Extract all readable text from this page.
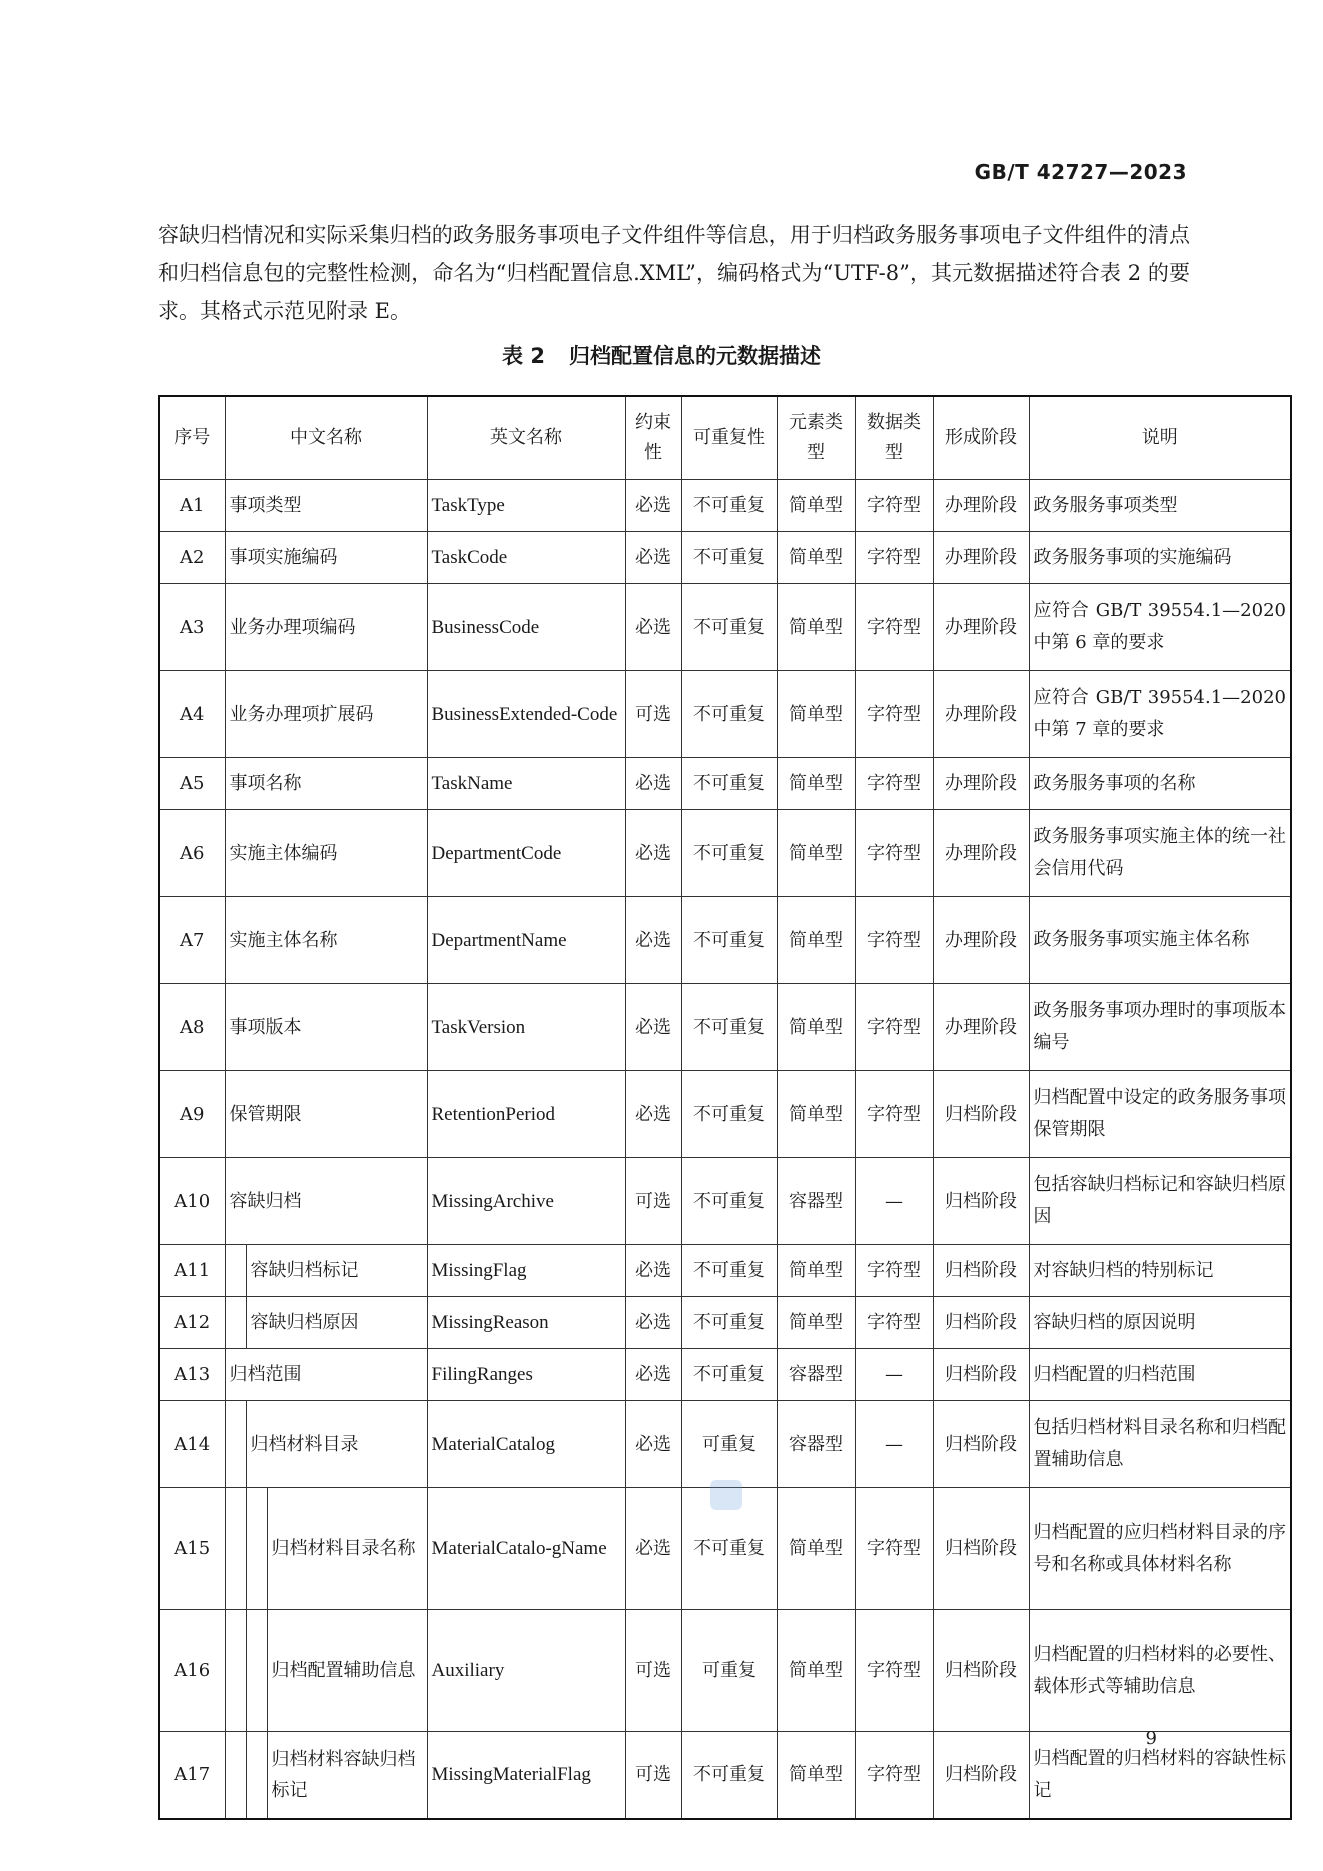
GB/T 42727—2023

容缺归档情况和实际采集归档的政务服务事项电子文件组件等信息，用于归档政务服务事项电子文件组件的清点和归档信息包的完整性检测，命名为“归档配置信息.XML”，编码格式为“UTF-8”，其元数据描述符合表 2 的要求。其格式示范见附录 E。

表 2 归档配置信息的元数据描述
序号	中文名称			英文名称	约束性	可重复性	元素类型	数据类型	形成阶段	说明
A1	事项类型			TaskType	必选	不可重复	简单型	字符型	办理阶段	政务服务事项类型
A2	事项实施编码			TaskCode	必选	不可重复	简单型	字符型	办理阶段	政务服务事项的实施编码
A3	业务办理项编码			BusinessCode	必选	不可重复	简单型	字符型	办理阶段	应符合 GB/T 39554.1—2020 中第 6 章的要求
A4	业务办理项扩展码			BusinessExtended-Code	可选	不可重复	简单型	字符型	办理阶段	应符合 GB/T 39554.1—2020 中第 7 章的要求
A5	事项名称			TaskName	必选	不可重复	简单型	字符型	办理阶段	政务服务事项的名称
A6	实施主体编码			DepartmentCode	必选	不可重复	简单型	字符型	办理阶段	政务服务事项实施主体的统一社会信用代码
A7	实施主体名称			DepartmentName	必选	不可重复	简单型	字符型	办理阶段	政务服务事项实施主体名称
A8	事项版本			TaskVersion	必选	不可重复	简单型	字符型	办理阶段	政务服务事项办理时的事项版本编号
A9	保管期限			RetentionPeriod	必选	不可重复	简单型	字符型	归档阶段	归档配置中设定的政务服务事项保管期限
A10	容缺归档			MissingArchive	可选	不可重复	容器型	—	归档阶段	包括容缺归档标记和容缺归档原因
A11		容缺归档标记		MissingFlag	必选	不可重复	简单型	字符型	归档阶段	对容缺归档的特别标记
A12		容缺归档原因		MissingReason	必选	不可重复	简单型	字符型	归档阶段	容缺归档的原因说明
A13	归档范围			FilingRanges	必选	不可重复	容器型	—	归档阶段	归档配置的归档范围
A14		归档材料目录		MaterialCatalog	必选	可重复	容器型	—	归档阶段	包括归档材料目录名称和归档配置辅助信息
A15			归档材料目录名称	MaterialCatalo-gName	必选	不可重复	简单型	字符型	归档阶段	归档配置的应归档材料目录的序号和名称或具体材料名称
A16			归档配置辅助信息	Auxiliary	可选	可重复	简单型	字符型	归档阶段	归档配置的归档材料的必要性、载体形式等辅助信息
A17			归档材料容缺归档标记	MissingMaterialFlag	可选	不可重复	简单型	字符型	归档阶段	归档配置的归档材料的容缺性标记
9
